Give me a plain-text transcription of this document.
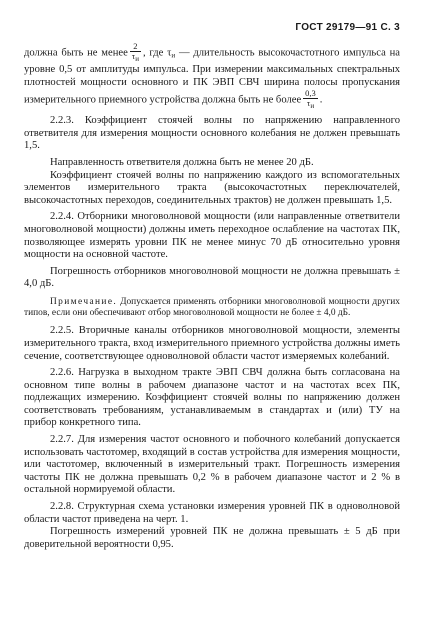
ГОСТ 29179—91 С. 3

должна быть не менее $\frac{2}{\tau_и}$ , где $\tau_и$ — длительность высокочастотного импульса на уровне 0,5 от амплитуды импульса. При измерении максимальных спектральных плотностей мощности основного и ПК ЭВП СВЧ ширина полосы пропускания измерительного приемного устройства должна быть не более $\frac{0,3}{\tau_и}$ .

2.2.3. Коэффициент стоячей волны по напряжению направленного ответвителя для измерения мощности основного колебания не должен превышать 1,5.

Направленность ответвителя должна быть не менее 20 дБ.

Коэффициент стоячей волны по напряжению каждого из вспомогательных элементов измерительного тракта (высокочастотных переключателей, высокочастотных переходов, соединительных трактов) не должен превышать 1,5.

2.2.4. Отборники многоволновой мощности (или направленные ответвители многоволновой мощности) должны иметь переходное ослабление на частотах ПК, позволяющее измерять уровни ПК не менее минус 70 дБ относительно уровня мощности на основной частоте.

Погрешность отборников многоволновой мощности не должна превышать ± 4,0 дБ.

Примечание. Допускается применять отборники многоволновой мощности других типов, если они обеспечивают отбор многоволновой мощности не более ± 4,0 дБ.

2.2.5. Вторичные каналы отборников многоволновой мощности, элементы измерительного тракта, вход измерительного приемного устройства должны иметь сечение, соответствующее одноволновой области частот измеряемых колебаний.

2.2.6. Нагрузка в выходном тракте ЭВП СВЧ должна быть согласована на основном типе волны в рабочем диапазоне частот и на частотах всех ПК, подлежащих измерению. Коэффициент стоячей волны по напряжению должен соответствовать требованиям, устанавливаемым в стандартах и (или) ТУ на прибор конкретного типа.

2.2.7. Для измерения частот основного и побочного колебаний допускается использовать частотомер, входящий в состав устройства для измерения мощности, или частотомер, включенный в измерительный тракт. Погрешность измерения частоты ПК не должна превышать 0,2 % в рабочем диапазоне частот и 2 % в остальной нормируемой области.

2.2.8. Структурная схема установки измерения уровней ПК в одноволновой области частот приведена на черт. 1.

Погрешность измерений уровней ПК не должна превышать ± 5 дБ при доверительной вероятности 0,95.
